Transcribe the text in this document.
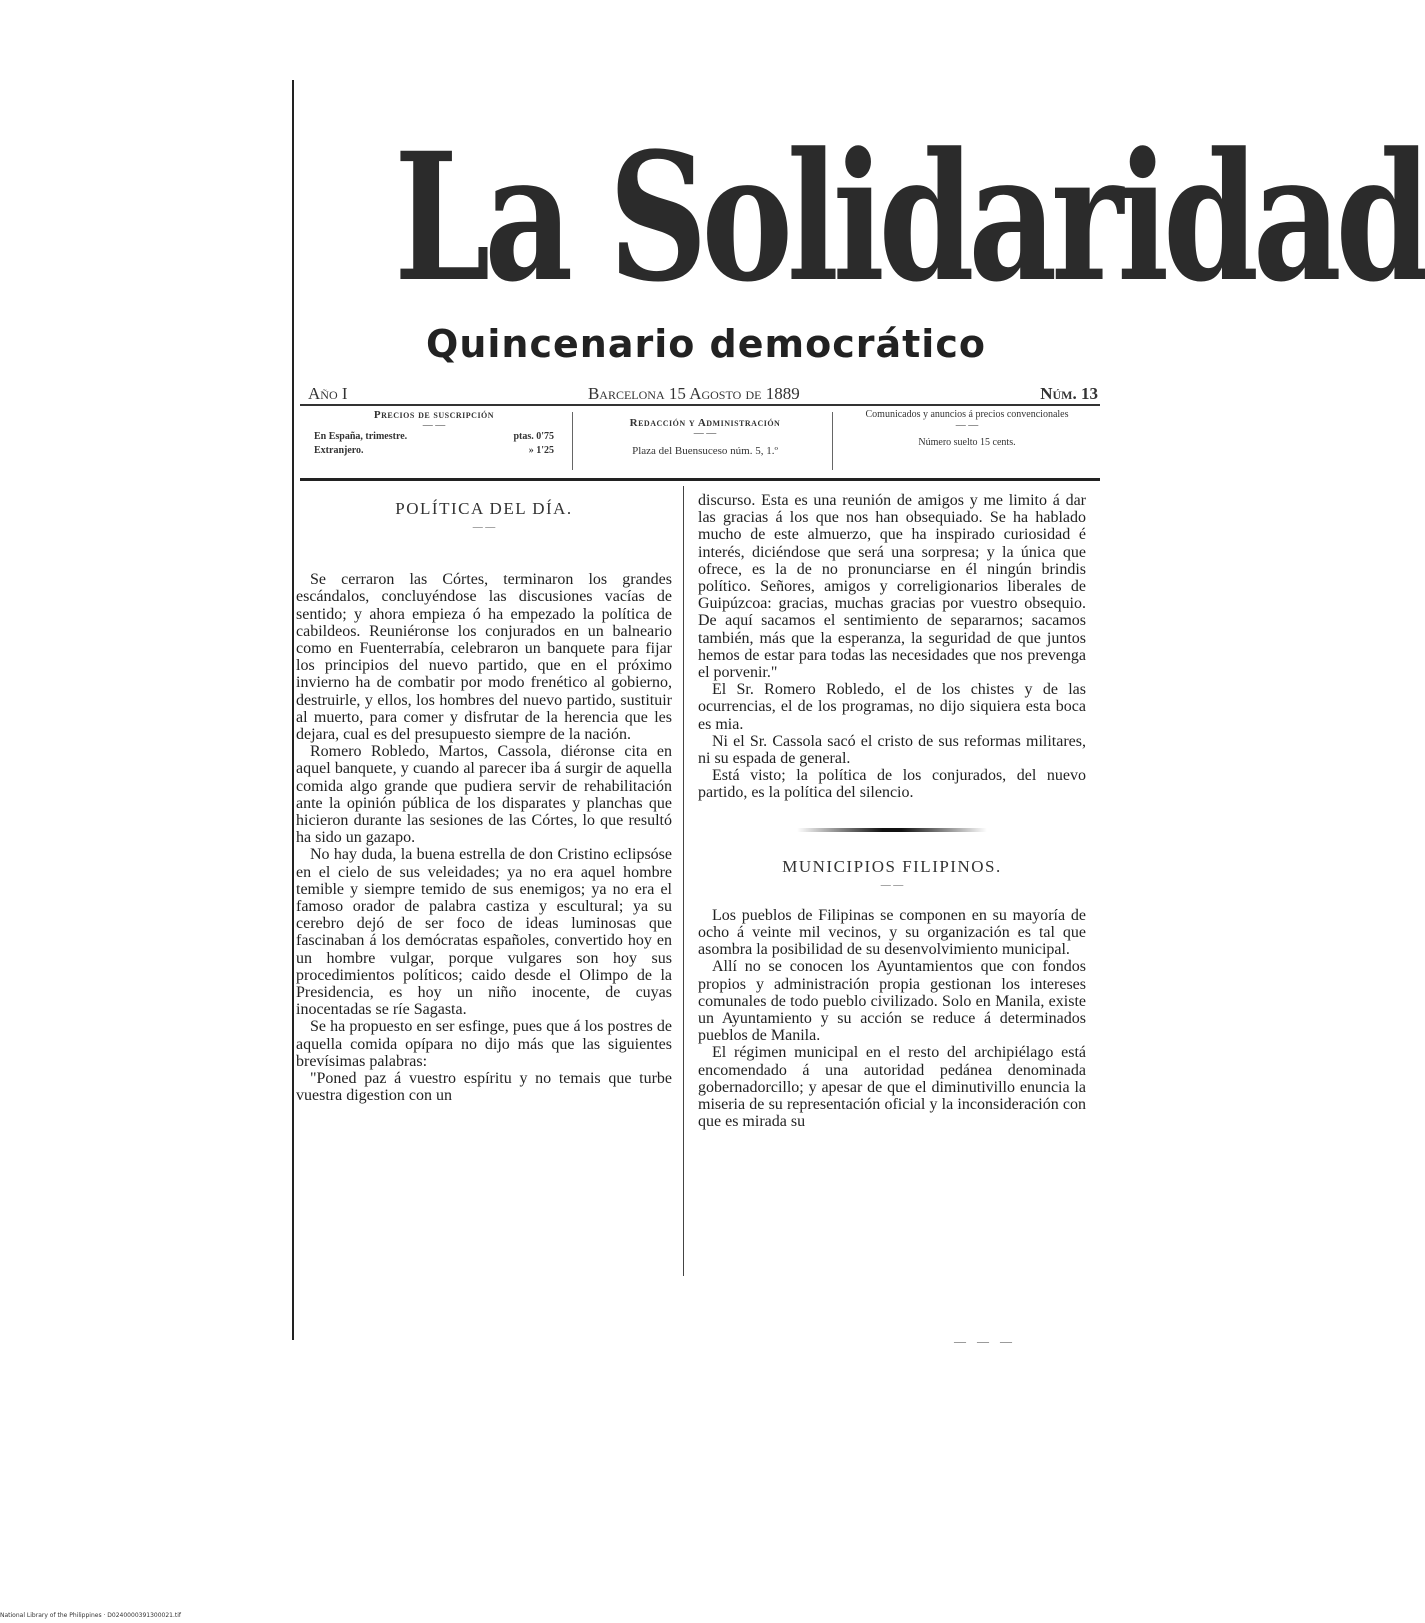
La Solidaridad
Quincenario democrático
Año I	Barcelona 15 Agosto de 1889	Núm. 13
Precios de suscripción
— —
En España, trimestre.	ptas. 0'75
Extranjero.	» 1'25
Redacción y Administración
— —
Plaza del Buensuceso núm. 5, 1.º
Comunicados y anuncios á precios convencionales
— —
Número suelto 15 cents.
POLÍTICA DEL DÍA.
— —

Se cerraron las Córtes, terminaron los grandes escándalos, concluyéndose las discusiones vacías de sentido; y ahora empieza ó ha empezado la política de cabildeos. Reuniéronse los conjurados en un balneario como en Fuenterrabía, celebraron un banquete para fijar los principios del nuevo partido, que en el próximo invierno ha de combatir por modo frenético al gobierno, destruirle, y ellos, los hombres del nuevo partido, sustituir al muerto, para comer y disfrutar de la herencia que les dejara, cual es del presupuesto siempre de la nación.

Romero Robledo, Martos, Cassola, diéronse cita en aquel banquete, y cuando al parecer iba á surgir de aquella comida algo grande que pudiera servir de rehabilitación ante la opinión pública de los disparates y planchas que hicieron durante las sesiones de las Córtes, lo que resultó ha sido un gazapo.

No hay duda, la buena estrella de don Cristino eclipsóse en el cielo de sus veleidades; ya no era aquel hombre temible y siempre temido de sus enemigos; ya no era el famoso orador de palabra castiza y escultural; ya su cerebro dejó de ser foco de ideas luminosas que fascinaban á los demócratas españoles, convertido hoy en un hombre vulgar, porque vulgares son hoy sus procedimientos políticos; caido desde el Olimpo de la Presidencia, es hoy un niño inocente, de cuyas inocentadas se ríe Sagasta.

Se ha propuesto en ser esfinge, pues que á los postres de aquella comida opípara no dijo más que las siguientes brevísimas palabras:

"Poned paz á vuestro espíritu y no temais que turbe vuestra digestion con un

discurso. Esta es una reunión de amigos y me limito á dar las gracias á los que nos han obsequiado. Se ha hablado mucho de este almuerzo, que ha inspirado curiosidad é interés, diciéndose que será una sorpresa; y la única que ofrece, es la de no pronunciarse en él ningún brindis político. Señores, amigos y correligionarios liberales de Guipúzcoa: gracias, muchas gracias por vuestro obsequio. De aquí sacamos el sentimiento de separarnos; sacamos también, más que la esperanza, la seguridad de que juntos hemos de estar para todas las necesidades que nos prevenga el porvenir."

El Sr. Romero Robledo, el de los chistes y de las ocurrencias, el de los programas, no dijo siquiera esta boca es mia.

Ni el Sr. Cassola sacó el cristo de sus reformas militares, ni su espada de general.

Está visto; la política de los conjurados, del nuevo partido, es la política del silencio.

MUNICIPIOS FILIPINOS.
— —

Los pueblos de Filipinas se componen en su mayoría de ocho á veinte mil vecinos, y su organización es tal que asombra la posibilidad de su desenvolvimiento municipal.

Allí no se conocen los Ayuntamientos que con fondos propios y administración propia gestionan los intereses comunales de todo pueblo civilizado. Solo en Manila, existe un Ayuntamiento y su acción se reduce á determinados pueblos de Manila.

El régimen municipal en el resto del archipiélago está encomendado á una autoridad pedánea denominada gobernadorcillo; y apesar de que el diminutivillo enuncia la miseria de su representación oficial y la inconsideración con que es mirada su

— — —
National Library of the Philippines · D0240000391300021.tif
